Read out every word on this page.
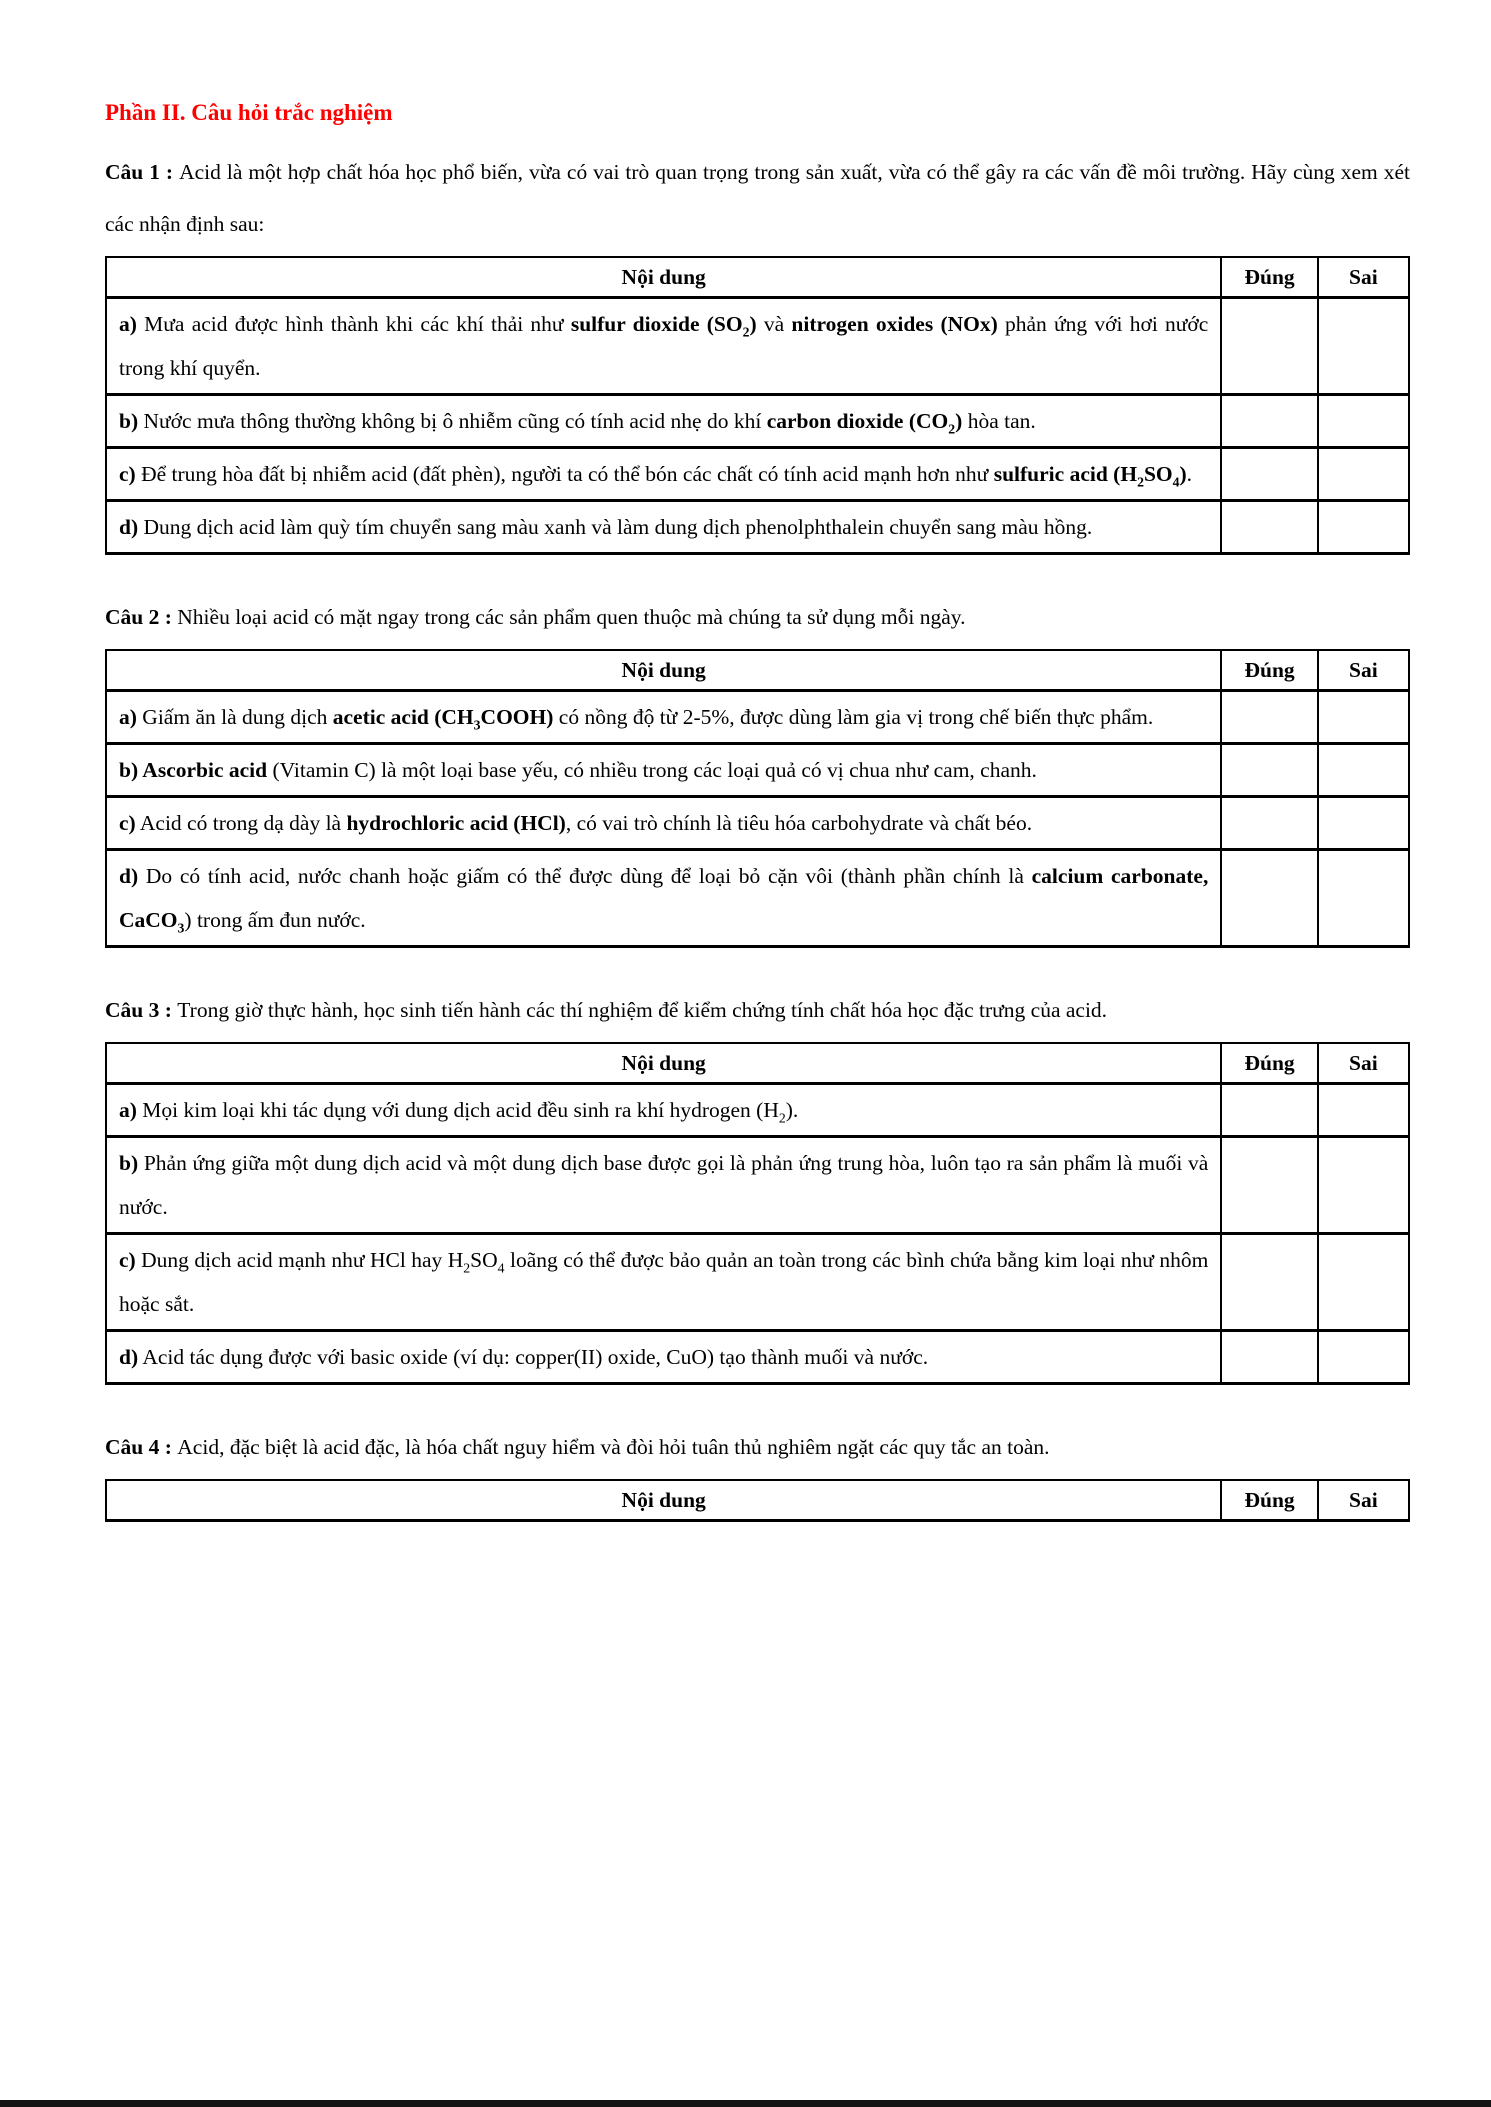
Phần II. Câu hỏi trắc nghiệm

Câu 1 : Acid là một hợp chất hóa học phổ biến, vừa có vai trò quan trọng trong sản xuất, vừa có thể gây ra các vấn đề môi trường. Hãy cùng xem xét các nhận định sau:

Nội dung	Đúng	Sai
a) Mưa acid được hình thành khi các khí thải như sulfur dioxide $(SO_2)$ và nitrogen oxides (NOx) phản ứng với hơi nước trong khí quyển.		
b) Nước mưa thông thường không bị ô nhiễm cũng có tính acid nhẹ do khí carbon dioxide $(CO_2)$ hòa tan.		
c) Để trung hòa đất bị nhiễm acid (đất phèn), người ta có thể bón các chất có tính acid mạnh hơn như sulfuric acid $(H_2SO_4)$.		
d) Dung dịch acid làm quỳ tím chuyển sang màu xanh và làm dung dịch phenolphthalein chuyển sang màu hồng.		

Câu 2 : Nhiều loại acid có mặt ngay trong các sản phẩm quen thuộc mà chúng ta sử dụng mỗi ngày.

Nội dung	Đúng	Sai
a) Giấm ăn là dung dịch acetic acid $(CH_3COOH)$ có nồng độ từ 2-5%, được dùng làm gia vị trong chế biến thực phẩm.		
b) Ascorbic acid (Vitamin C) là một loại base yếu, có nhiều trong các loại quả có vị chua như cam, chanh.		
c) Acid có trong dạ dày là hydrochloric acid (HCl), có vai trò chính là tiêu hóa carbohydrate và chất béo.		
d) Do có tính acid, nước chanh hoặc giấm có thể được dùng để loại bỏ cặn vôi (thành phần chính là calcium carbonate, CaCO$_3$) trong ấm đun nước.		

Câu 3 : Trong giờ thực hành, học sinh tiến hành các thí nghiệm để kiểm chứng tính chất hóa học đặc trưng của acid.

Nội dung	Đúng	Sai
a) Mọi kim loại khi tác dụng với dung dịch acid đều sinh ra khí hydrogen $(H_2)$.		
b) Phản ứng giữa một dung dịch acid và một dung dịch base được gọi là phản ứng trung hòa, luôn tạo ra sản phẩm là muối và nước.		
c) Dung dịch acid mạnh như HCl hay $H_2SO_4$ loãng có thể được bảo quản an toàn trong các bình chứa bằng kim loại như nhôm hoặc sắt.		
d) Acid tác dụng được với basic oxide (ví dụ: copper(II) oxide, CuO) tạo thành muối và nước.		

Câu 4 : Acid, đặc biệt là acid đặc, là hóa chất nguy hiểm và đòi hỏi tuân thủ nghiêm ngặt các quy tắc an toàn.

Nội dung	Đúng	Sai
